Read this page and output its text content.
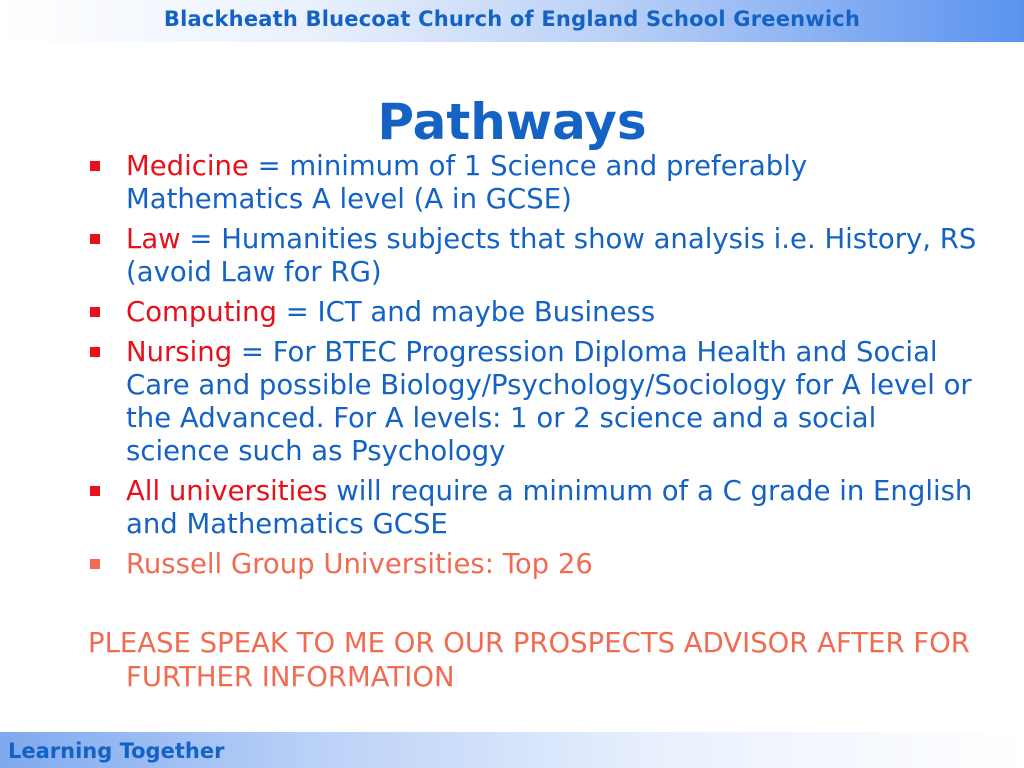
Blackheath Bluecoat Church of England School Greenwich
Pathways
Medicine = minimum of 1 Science and preferably Mathematics A level (A in GCSE)
Law = Humanities subjects that show analysis i.e. History, RS (avoid Law for RG)
Computing = ICT and maybe Business
Nursing = For BTEC Progression Diploma Health and Social Care and possible Biology/Psychology/Sociology for A level or the Advanced. For A levels: 1 or 2 science and a social science such as Psychology
All universities will require a minimum of a C grade in English and Mathematics GCSE
Russell Group Universities: Top 26

PLEASE SPEAK TO ME OR OUR PROSPECTS ADVISOR AFTER FOR FURTHER INFORMATION

Learning Together
